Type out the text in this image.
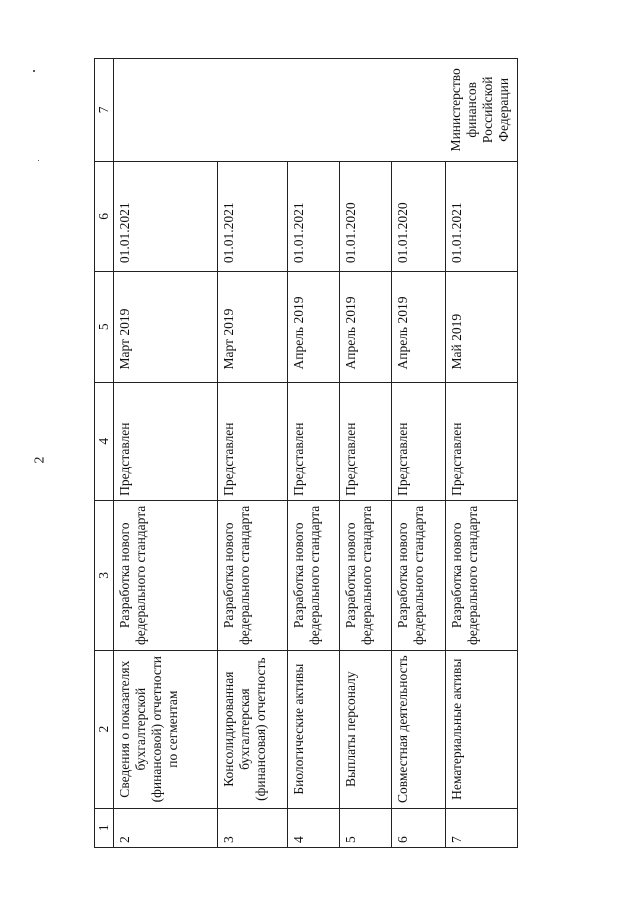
2
1	2	3	4	5	6	7
2	Сведения о показателях бухгалтерской (финансовой) отчетности по сегментам	Разработка нового федерального стандарта	Представлен	Март 2019	01.01.2021	
3	Консолидированная бухгалтерская (финансовая) отчетность	Разработка нового федерального стандарта	Представлен	Март 2019	01.01.2021	
4	Биологические активы	Разработка нового федерального стандарта	Представлен	Апрель 2019	01.01.2021	
5	Выплаты персоналу	Разработка нового федерального стандарта	Представлен	Апрель 2019	01.01.2020	
6	Совместная деятельность	Разработка нового федерального стандарта	Представлен	Апрель 2019	01.01.2020	
7	Нематериальные активы	Разработка нового федерального стандарта	Представлен	Май 2019	01.01.2021	Министерство финансов Российской Федерации
